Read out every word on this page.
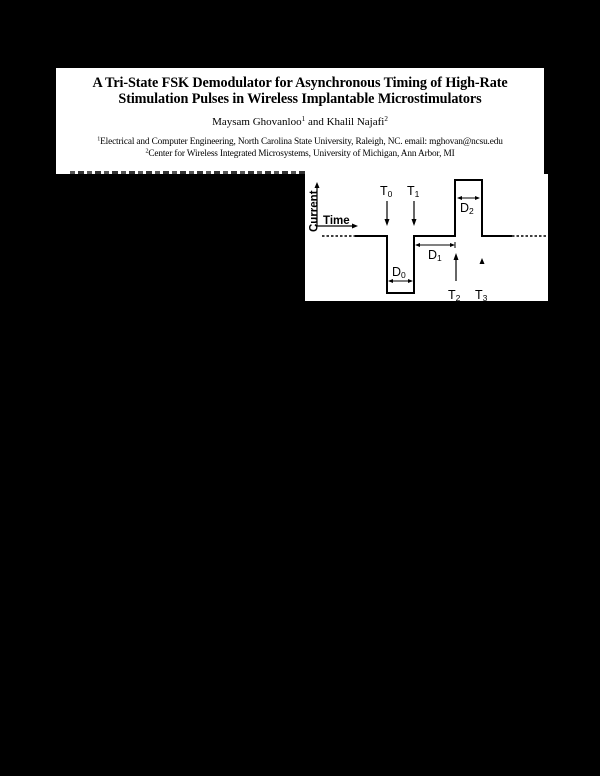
A Tri-State FSK Demodulator for Asynchronous Timing of High-Rate
Stimulation Pulses in Wireless Implantable Microstimulators
Maysam Ghovanloo$^1$ and Khalil Najafi$^2$
$^1$Electrical and Computer Engineering, North Carolina State University, Raleigh, NC. email: mghovan@ncsu.edu
$^2$Center for Wireless Integrated Microsystems, University of Michigan, Ann Arbor, MI
Current Time
T0 T1
T2 T3
D0
D1
D2
